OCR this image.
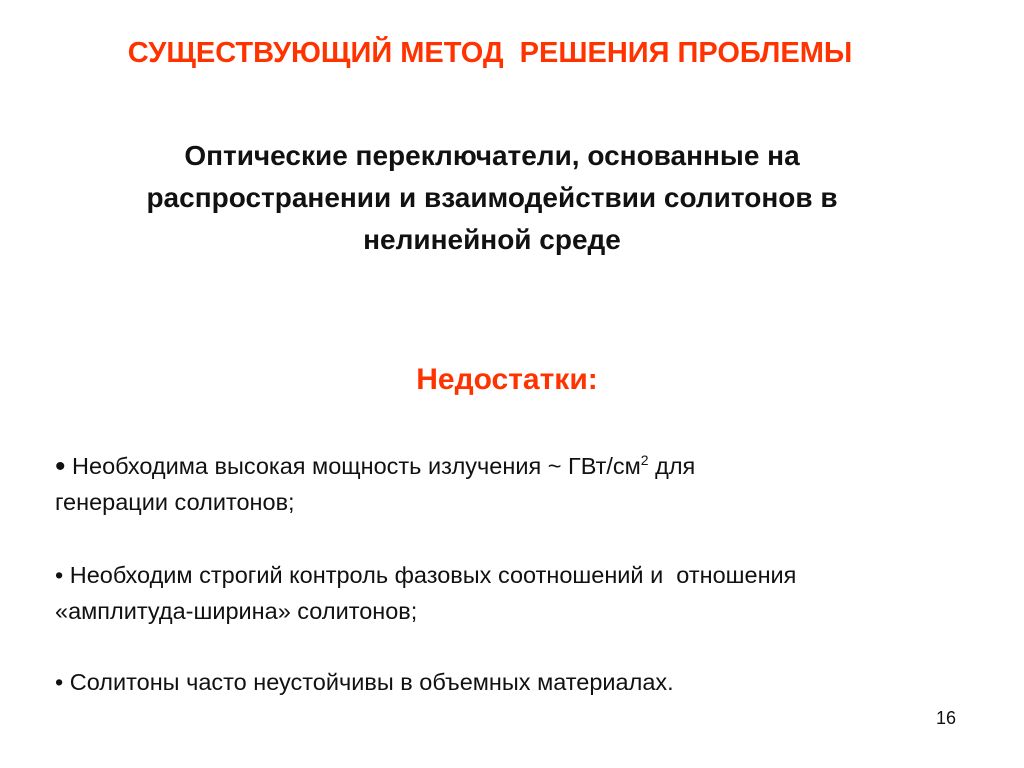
СУЩЕСТВУЮЩИЙ МЕТОД  РЕШЕНИЯ ПРОБЛЕМЫ
Оптические переключатели, основанные на
распространении и взаимодействии солитонов в
нелинейной среде
Недостатки:
• Необходима высокая мощность излучения ~ ГВт/$см^2$ для
генерации солитонов;
• Необходим строгий контроль фазовых соотношений и  отношения
«амплитуда-ширина» солитонов;
• Солитоны часто неустойчивы в объемных материалах.
16
